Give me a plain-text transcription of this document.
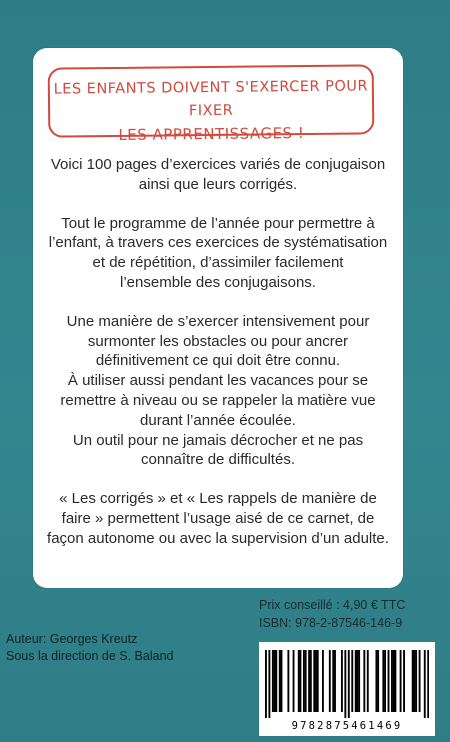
LES ENFANTS DOIVENT S'EXERCER POUR FIXER
LES APPRENTISSAGES !

Voici 100 pages d’exercices variés de conjugaison
ainsi que leurs corrigés.

Tout le programme de l’année pour permettre à
l’enfant, à travers ces exercices de systématisation
et de répétition, d’assimiler facilement
l’ensemble des conjugaisons.

Une manière de s’exercer intensivement pour
surmonter les obstacles ou pour ancrer
définitivement ce qui doit être connu.
À utiliser aussi pendant les vacances pour se
remettre à niveau ou se rappeler la matière vue
durant l’année écoulée.
Un outil pour ne jamais décrocher et ne pas
connaître de difficultés.

« Les corrigés » et « Les rappels de manière de
faire » permettent l’usage aisé de ce carnet, de
façon autonome ou avec la supervision d’un adulte.

Prix conseillé : 4,90 € TTC
ISBN: 978-2-87546-146-9
Auteur: Georges Kreutz
Sous la direction de S. Baland
9782875461469
